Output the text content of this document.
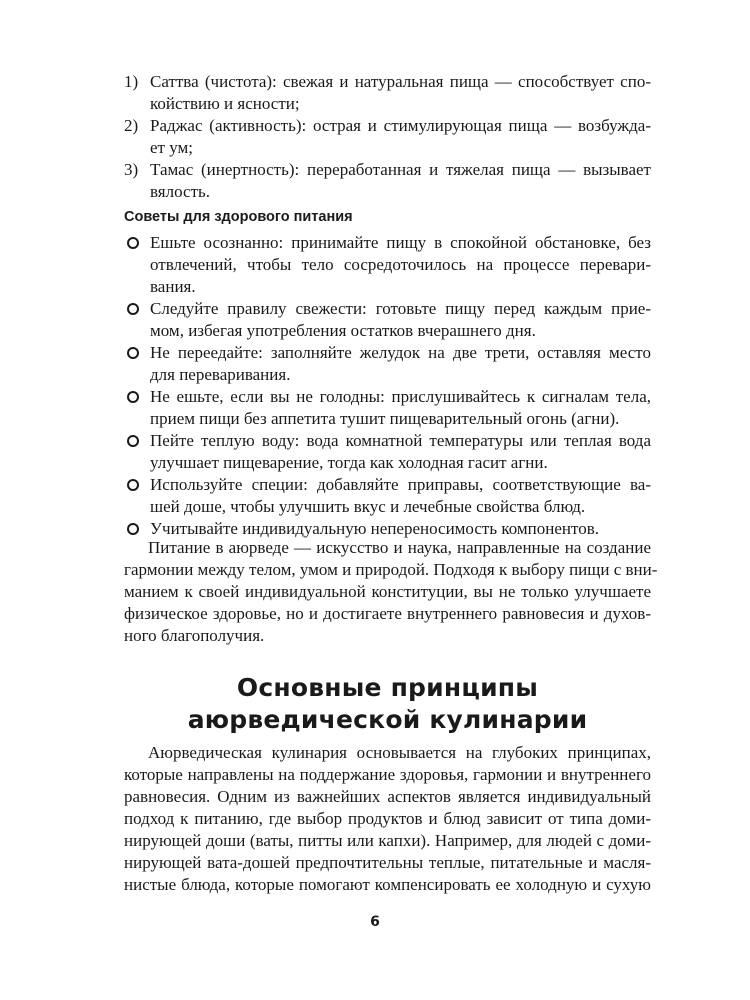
1) Саттва (чистота): свежая и натуральная пища — способствует спо-
койствию и ясности;
2) Раджас (активность): острая и стимулирующая пища — возбужда-
ет ум;
3) Тамас (инертность): переработанная и тяжелая пища — вызывает
вялость.
Советы для здорового питания
Ешьте осознанно: принимайте пищу в спокойной обстановке, без
отвлечений, чтобы тело сосредоточилось на процессе перевари-
вания.
Следуйте правилу свежести: готовьте пищу перед каждым прие-
мом, избегая употребления остатков вчерашнего дня.
Не переедайте: заполняйте желудок на две трети, оставляя место
для переваривания.
Не ешьте, если вы не голодны: прислушивайтесь к сигналам тела,
прием пищи без аппетита тушит пищеварительный огонь (агни).
Пейте теплую воду: вода комнатной температуры или теплая вода
улучшает пищеварение, тогда как холодная гасит агни.
Используйте специи: добавляйте приправы, соответствующие ва-
шей доше, чтобы улучшить вкус и лечебные свойства блюд.
Учитывайте индивидуальную непереносимость компонентов.
Питание в аюрведе — искусство и наука, направленные на создание
гармонии между телом, умом и природой. Подходя к выбору пищи с вни-
манием к своей индивидуальной конституции, вы не только улучшаете
физическое здоровье, но и достигаете внутреннего равновесия и духов-
ного благополучия.
Основные принципы
аюрведической кулинарии
Аюрведическая кулинария основывается на глубоких принципах,
которые направлены на поддержание здоровья, гармонии и внутреннего
равновесия. Одним из важнейших аспектов является индивидуальный
подход к питанию, где выбор продуктов и блюд зависит от типа доми-
нирующей доши (ваты, питты или капхи). Например, для людей с доми-
нирующей вата-дошей предпочтительны теплые, питательные и масля-
нистые блюда, которые помогают компенсировать ее холодную и сухую
6
